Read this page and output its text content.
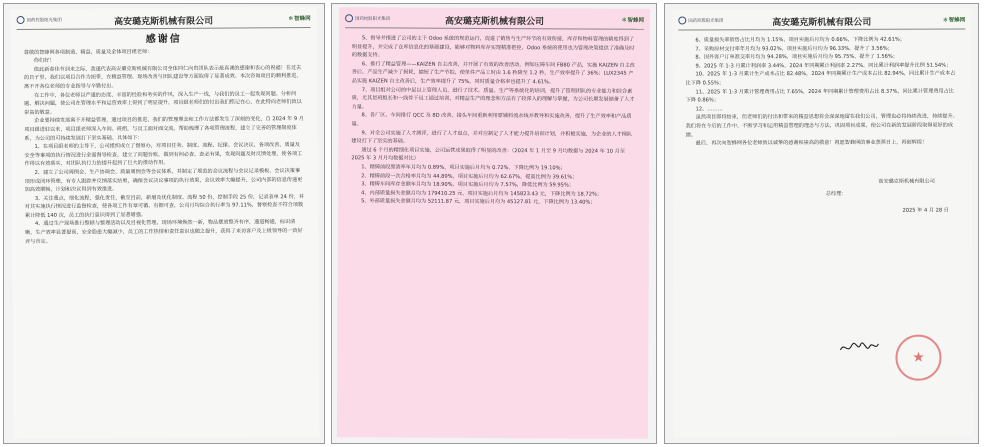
国药控股阳光集团	高安璐克斯机械有限公司	✻智蜂网
感谢信

尊敬的智蜂网各项制造、精益、质量及全体项目组老师：

你们好！

值此新春佳节到来之际，我谨代表高安璐克斯机械有限公司全体同仁向贵团队表示最真诚的感谢和衷心的祝福！在过去的日子里，我们以项目合作为纽带，在精益管理、现场改善与团队建设等方面取得了显著成效。本次咨询项目的顺利推进，离不开各位老师的专业指导与辛勤付出。

在工作中，各位老师以严谨的态度、丰富的经验和务实的作风，深入生产一线，与我们的员工一起发现问题、分析问题、解决问题，使公司在管理水平和运营效率上得到了明显提升，项目组老师们的付出我们铭记在心，在此特向老师们致以崇高的敬意。

企业要持续发展离不开精益管理，通过项目的推进，我们的管理理念和工作方法都发生了深刻的变化，自 2024 年 9 月项目组进驻以来，项目组老师深入车间、班组，与员工面对面交流，帮助梳理了各项管理流程，建立了完善的管理制度体系，为公司的可持续发展打下坚实基础。具体如下：

1、在项目组老师的主导下，公司组织成立了督察办，对项目任务、制度、流程、纪律、会议决议、各项改善、质量及安全等事项的执行情况进行全面督导检查，建立了问题台账，做到有问必查、查必有果，发现问题及时反馈处理，使各项工作得以有效落实，对团队执行力的提升起到了巨大的推动作用。

2、建立了公司周例会、生产协调会、质量周例会等会议体系，并制定了规范的会议流程与会议记录模板，会议决策事项形成闭环管理，有专人跟踪并反馈落实结果，确保会议决议事项的执行效果，会议效率大幅提升，公司内部的信息传递更加高效顺畅，计划和决议得到有效推进。

3、关注重点，细化流程，强化责任，截至目前，新增及优化制度、流程 50 份，控制手段 25 份，记录表单 24 份，并对其实施执行情况进行监督检查，使各项工作有章可循、有据可查，公司月均综合执行率为 97.11%，督察检查不符合项数累计降低 140 次，员工的执行意识得到了显著增强。

4、通过生产现场推行整顿与整理活动以及目视化管理，现场环境焕然一新，物品摆放整齐有序，通道畅通，标识清晰，生产效率显著提高，安全隐患大幅减少，员工的工作热情和责任意识也随之提升，获得了来访客户及上级领导的一致好评与肯定。

国药控股阳光集团	高安璐克斯机械有限公司	✻智蜂网

5、指导并推进了公司的主干 Odoo 系统的规范运行，促进了销售与生产环节的有效衔接，库存和物料管理的精度得到了明显提升，并完成了仓库信息化的基础建设，能够对物料库存实现精准把控，Odoo 系统的使用也为管理决策提供了准确及时的数据支持。

6、推行了精益管理——KAIZEN 自主改善，并开展了有效的改善活动，例如压铸车间 FB80 产品，实施 KAIZEN 自主改善后，产品生产减少了损耗，缩短了生产节拍，使单件产品工时由 1.6 秒降至 1.2 秒，生产效率提升了 36%；LUX2345 产品实施 KAIZEN 自主改善后，生产效率提升了 75%，同时质量合格率也提升了 4.61%。

7、项目组对公司的中层以上管理人员，进行了技术、质量、生产等系统化的培训，提升了管理团队的专业能力和综合素质，尤其是班组长和一线骨干员工通过培训，对精益生产的理念和方法有了较深入的理解与掌握，为公司长期发展储备了人才力量。

8、各厂区、车间推行 QCC 及 8D 改善，接头车间重新利用原辅料流水线并教导和实施改善，提升了生产效率和产品质量。

9、对全公司实施了人才测评，进行了人才盘点，并对应制定了人才能力提升培训计划，并积极实施，为企业的人才梯队建设打下了坚实的基础。

通过 6 个月的精细化项目实施，公司运营成果取得了明显的改善：（2024 年 1 月至 9 月均数据与 2024 年 10 月至 2025 年 3 月月均数据对比）

1、精铸前段原渣率年月均为 0.89%，项目实施后月均为 0.72%，下降比例为 19.10%；

2、精铸前段一次合格率月均为 44.89%，项目实施后月均为 62.67%，提高比例为 39.61%；

3、精铸车间库存金额年月均为 18.90%，项目实施后月均为 7.57%，降低比例为 59.95%；

4、内部质量损失金额月均为 179410.25 元，项目实施后月均为 145823.43 元，下降比例为 18.72%；

5、外部质量损失金额月均为 52111.87 元，项目实施后月均为 45127.81 元，下降比例为 13.40%；

国药控股阳光集团	高安璐克斯机械有限公司	✻智蜂网

6、质量损失率销售占比月均为 1.15%，项目实施后月均为 0.66%，下降比例为 42.61%；

7、采购原材交付率年月均为 93.02%，项目实施后月均为 96.33%，提升了 3.56%；

8、国外客户订单准交率月均为 94.28%，项目实施后月均为 95.75%，提升了 1.56%；

9、2025 年 1-3 月累计利润率 3.44%，2024 年同期累计利润率 2.27%，同比累计利润率提升比例 51.54%；

10、2025 年 1-3 月累计生产成本占比 82.48%，2024 年同期累计生产成本占比 82.94%，同比累计生产成本占比下降 0.55%；

11、2025 年 1-3 月累计管理费用占比 7.65%，2024 年同期累计管理费用占比 8.37%，同比累计管理费用占比下降 0.86%；

12、………

虽然项目即将结束，但老师们的付出和带来的精益思想将会深深地留在我们公司，管理也必将持续改进，持续提升。我们将在今后的工作中，不断学习和运用精益管理的理念与方法，巩固项目成果，使公司在新的发展阶段取得更好的成绩。

最后，再次向智蜂网各位老师致以诚挚的感谢和崇高的敬意！祝愿智蜂网的事业蒸蒸日上，再创辉煌！

高安璐克斯机械有限公司

总经理：

2025 年 4 月 28 日

★
